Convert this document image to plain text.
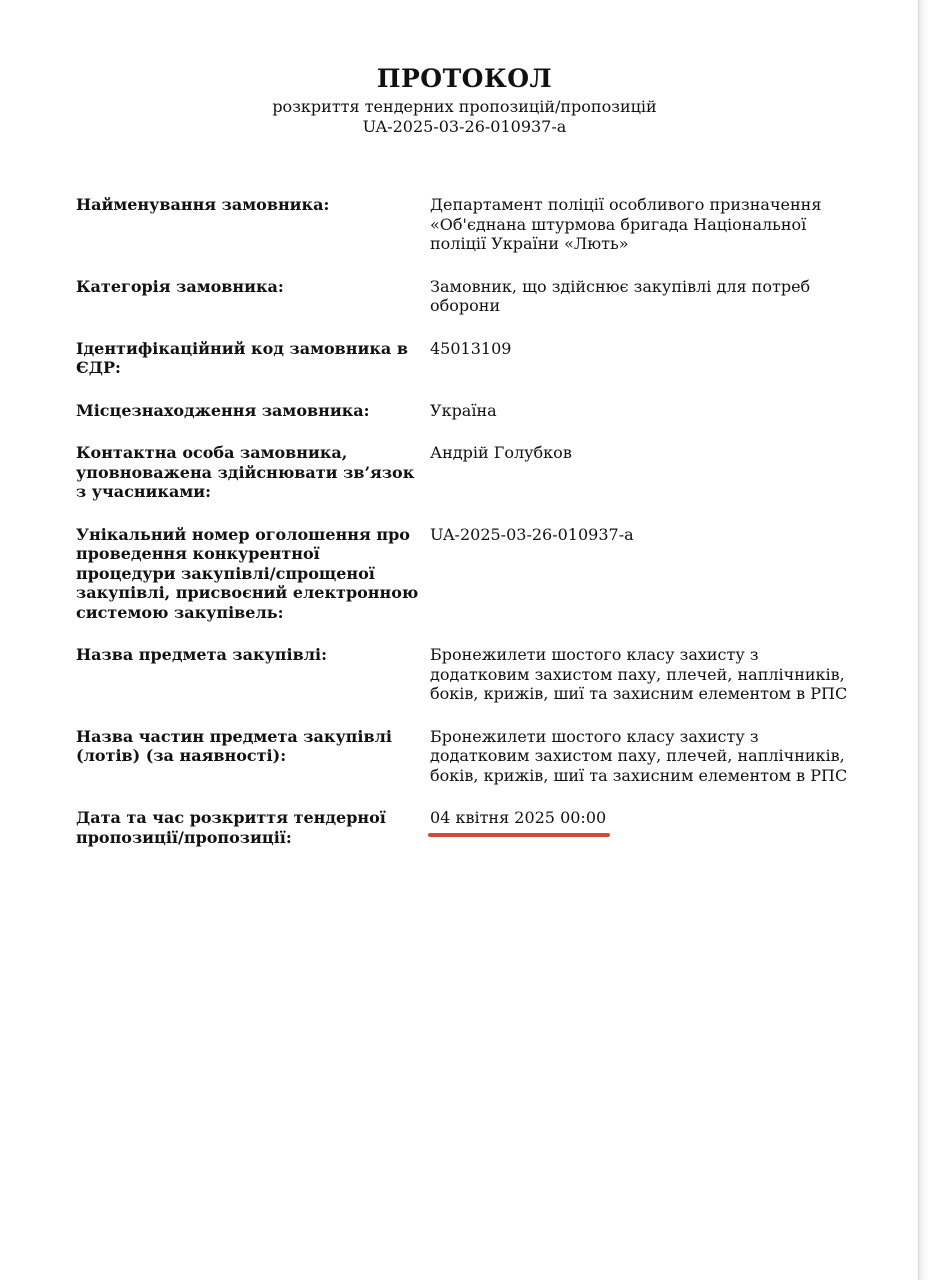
ПРОТОКОЛ
розкриття тендерних пропозицій/пропозицій
UA-2025-03-26-010937-a
Найменування замовника:	Департамент поліції особливого призначення «Об'єднана штурмова бригада Національної поліції України «Лють»
Категорія замовника:	Замовник, що здійснює закупівлі для потреб оборони
Ідентифікаційний код замовника в ЄДР:
45013109
Місцезнаходження замовника:	Україна
Контактна особа замовника, уповноважена здійснювати зв’язок з учасниками:
Андрій Голубков
Унікальний номер оголошення про проведення конкурентної процедури закупівлі/спрощеної закупівлі, присвоєний електронною системою закупівель:
UA-2025-03-26-010937-a
Назва предмета закупівлі:	Бронежилети шостого класу захисту з додатковим захистом паху, плечей, наплічників, боків, крижів, шиї та захисним елементом в РПС
Назва частин предмета закупівлі (лотів) (за наявності):
Бронежилети шостого класу захисту з додатковим захистом паху, плечей, наплічників, боків, крижів, шиї та захисним елементом в РПС
Дата та час розкриття тендерної пропозиції/пропозиції:
04 квітня 2025 00:00
